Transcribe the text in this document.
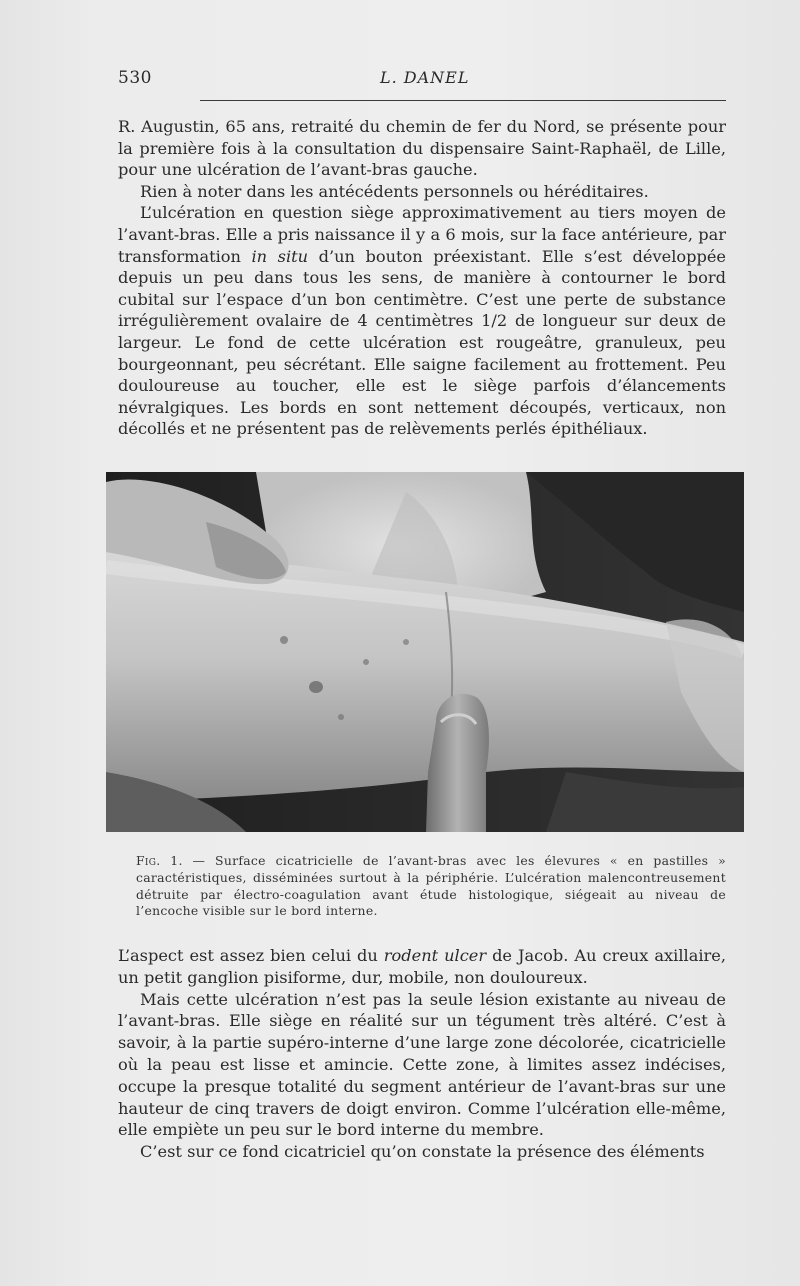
530	L. DANEL

R. Augustin, 65 ans, retraité du chemin de fer du Nord, se présente pour la première fois à la consultation du dispensaire Saint-Raphaël, de Lille, pour une ulcération de l’avant-bras gauche.

Rien à noter dans les antécédents personnels ou héréditaires.

L’ulcération en question siège approximativement au tiers moyen de l’avant-bras. Elle a pris naissance il y a 6 mois, sur la face antérieure, par transformation in situ d’un bouton préexistant. Elle s’est développée depuis un peu dans tous les sens, de manière à contourner le bord cubital sur l’espace d’un bon centimètre. C’est une perte de substance irrégulièrement ovalaire de 4 centimètres 1/2 de longueur sur deux de largeur. Le fond de cette ulcération est rougeâtre, granuleux, peu bourgeonnant, peu sécrétant. Elle saigne facilement au frottement. Peu douloureuse au toucher, elle est le siège parfois d’élancements névralgiques. Les bords en sont nettement découpés, verticaux, non décollés et ne présentent pas de relèvements perlés épithéliaux.

Fig. 1. — Surface cicatricielle de l’avant-bras avec les élevures « en pastilles » caractéristiques, disséminées surtout à la périphérie. L’ulcération malencontreusement détruite par électro-coagulation avant étude histologique, siégeait au niveau de l’encoche visible sur le bord interne.

L’aspect est assez bien celui du rodent ulcer de Jacob. Au creux axillaire, un petit ganglion pisiforme, dur, mobile, non douloureux.

Mais cette ulcération n’est pas la seule lésion existante au niveau de l’avant-bras. Elle siège en réalité sur un tégument très altéré. C’est à savoir, à la partie supéro-interne d’une large zone décolorée, cicatricielle où la peau est lisse et amincie. Cette zone, à limites assez indécises, occupe la presque totalité du segment antérieur de l’avant-bras sur une hauteur de cinq travers de doigt environ. Comme l’ulcération elle-même, elle empiète un peu sur le bord interne du membre.

C’est sur ce fond cicatriciel qu’on constate la présence des éléments
